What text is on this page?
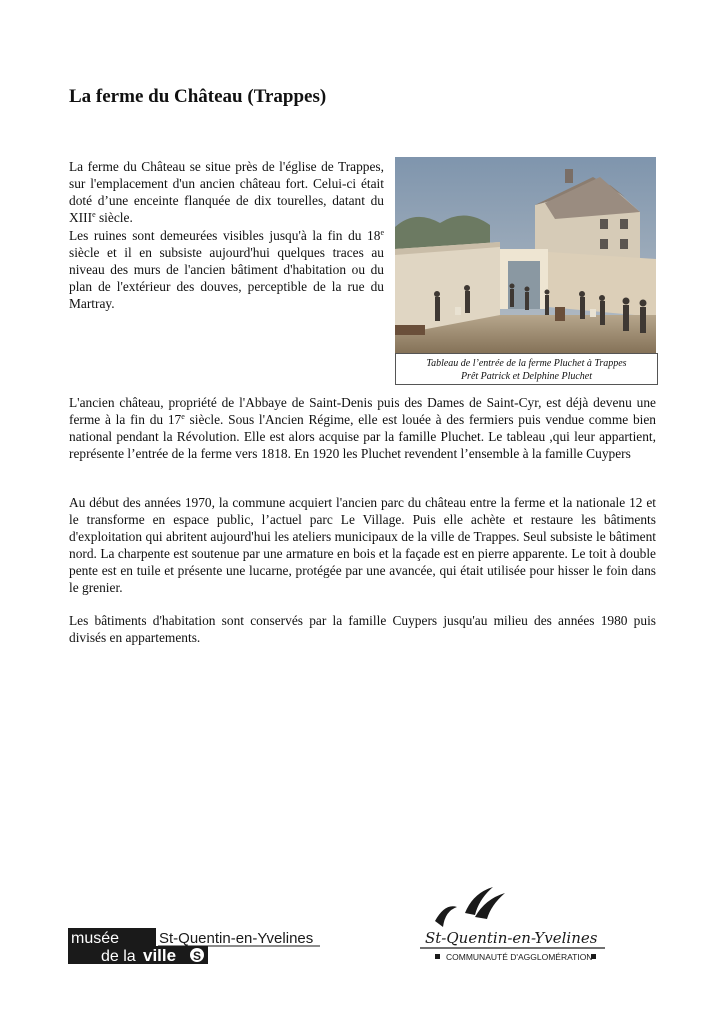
La ferme du Château (Trappes)

La ferme du Château se situe près de l'église de Trappes, sur l'emplacement d'un ancien château fort. Celui-ci était doté d’une enceinte flanquée de dix tourelles, datant du XIIIe siècle.

Les ruines sont demeurées visibles jusqu'à la fin du 18e siècle et il en subsiste aujourd'hui quelques traces au niveau des murs de l'ancien bâtiment d'habitation ou du plan de l'extérieur des douves, perceptible de la rue du Martray.

Tableau de l’entrée de la ferme Pluchet à Trappes
Prêt Patrick et Delphine Pluchet

L'ancien château, propriété de l'Abbaye de Saint-Denis puis des Dames de Saint-Cyr, est déjà devenu une ferme à la fin du 17e siècle. Sous l'Ancien Régime, elle est louée à des fermiers puis vendue comme bien national pendant la Révolution. Elle est alors acquise par la famille Pluchet. Le tableau ,qui leur appartient, représente l’entrée de la ferme vers 1818. En 1920 les Pluchet revendent l’ensemble à la famille Cuypers

Au début des années 1970, la commune acquiert l'ancien parc du château entre la ferme et la nationale 12 et le transforme en espace public, l’actuel parc Le Village. Puis elle achète et restaure les bâtiments d'exploitation qui abritent aujourd'hui les ateliers municipaux de la ville de Trappes. Seul subsiste le bâtiment nord. La charpente est soutenue par une armature en bois et la façade est en pierre apparente. Le toit à double pente est en tuile et présente une lucarne, protégée par une avancée, qui était utilisée pour hisser le foin dans le grenier.

Les bâtiments d'habitation sont conservés par la famille Cuypers jusqu'au milieu des années 1980 puis divisés en appartements.

musée
de la ville S
St-Quentin-en-Yvelines	St-Quentin-en-Yvelines
COMMUNAUTÉ D'AGGLOMÉRATION
